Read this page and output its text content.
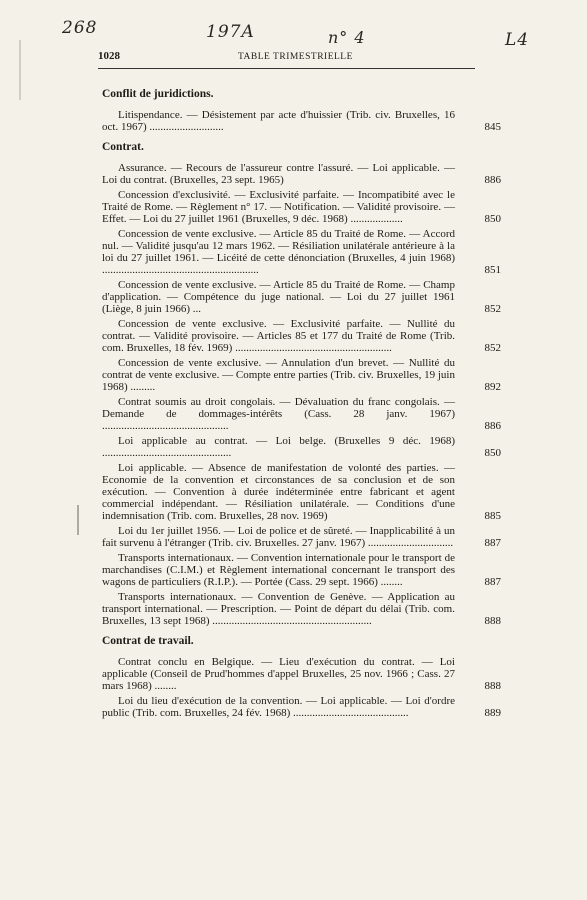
268	197A	n° 4	L4
1028	TABLE TRIMESTRIELLE
Conflit de juridictions.
Litispendance. — Désistement par acte d'huissier (Trib. civ. Bruxelles, 16 oct. 1967) ...........................	845
Contrat.
Assurance. — Recours de l'assureur contre l'assuré. — Loi applicable. — Loi du contrat. (Bruxelles, 23 sept. 1965)	886
Concession d'exclusivité. — Exclusivité parfaite. — Incompatibité avec le Traité de Rome. — Règlement n° 17. — Notification. — Validité provisoire. — Effet. — Loi du 27 juillet 1961 (Bruxelles, 9 déc. 1968) ...................	850
Concession de vente exclusive. — Article 85 du Traité de Rome. — Accord nul. — Validité jusqu'au 12 mars 1962. — Résiliation unilatérale antérieure à la loi du 27 juillet 1961. — Licéité de cette dénonciation (Bruxelles, 4 juin 1968) .........................................................	851
Concession de vente exclusive. — Article 85 du Traité de Rome. — Champ d'application. — Compétence du juge national. — Loi du 27 juillet 1961 (Liège, 8 juin 1966) ...	852
Concession de vente exclusive. — Exclusivité parfaite. — Nullité du contrat. — Validité provisoire. — Articles 85 et 177 du Traité de Rome (Trib. com. Bruxelles, 18 fév. 1969) .........................................................	852
Concession de vente exclusive. — Annulation d'un brevet. — Nullité du contrat de vente exclusive. — Compte entre parties (Trib. civ. Bruxelles, 19 juin 1968) .........	892
Contrat soumis au droit congolais. — Dévaluation du franc congolais. — Demande de dommages-intérêts (Cass. 28 janv. 1967) ..............................................	886
Loi applicable au contrat. — Loi belge. (Bruxelles 9 déc. 1968) ...............................................	850
Loi applicable. — Absence de manifestation de volonté des parties. — Economie de la convention et circonstances de sa conclusion et de son exécution. — Convention à durée indéterminée entre fabricant et agent commercial indépendant. — Résiliation unilatérale. — Conditions d'une indemnisation (Trib. com. Bruxelles, 28 nov. 1969)	885
Loi du 1er juillet 1956. — Loi de police et de sûreté. — Inapplicabilité à un fait survenu à l'étranger (Trib. civ. Bruxelles. 27 janv. 1967) ...............................	887
Transports internationaux. — Convention internationale pour le transport de marchandises (C.I.M.) et Règlement international concernant le transport des wagons de particuliers (R.I.P.). — Portée (Cass. 29 sept. 1966) ........	887
Transports internationaux. — Convention de Genève. — Application au transport international. — Prescription. — Point de départ du délai (Trib. com. Bruxelles, 13 sept 1968) ..........................................................	888
Contrat de travail.
Contrat conclu en Belgique. — Lieu d'exécution du contrat. — Loi applicable (Conseil de Prud'hommes d'appel Bruxelles, 25 nov. 1966 ; Cass. 27 mars 1968) ........	888
Loi du lieu d'exécution de la convention. — Loi applicable. — Loi d'ordre public (Trib. com. Bruxelles, 24 fév. 1968) ..........................................	889
